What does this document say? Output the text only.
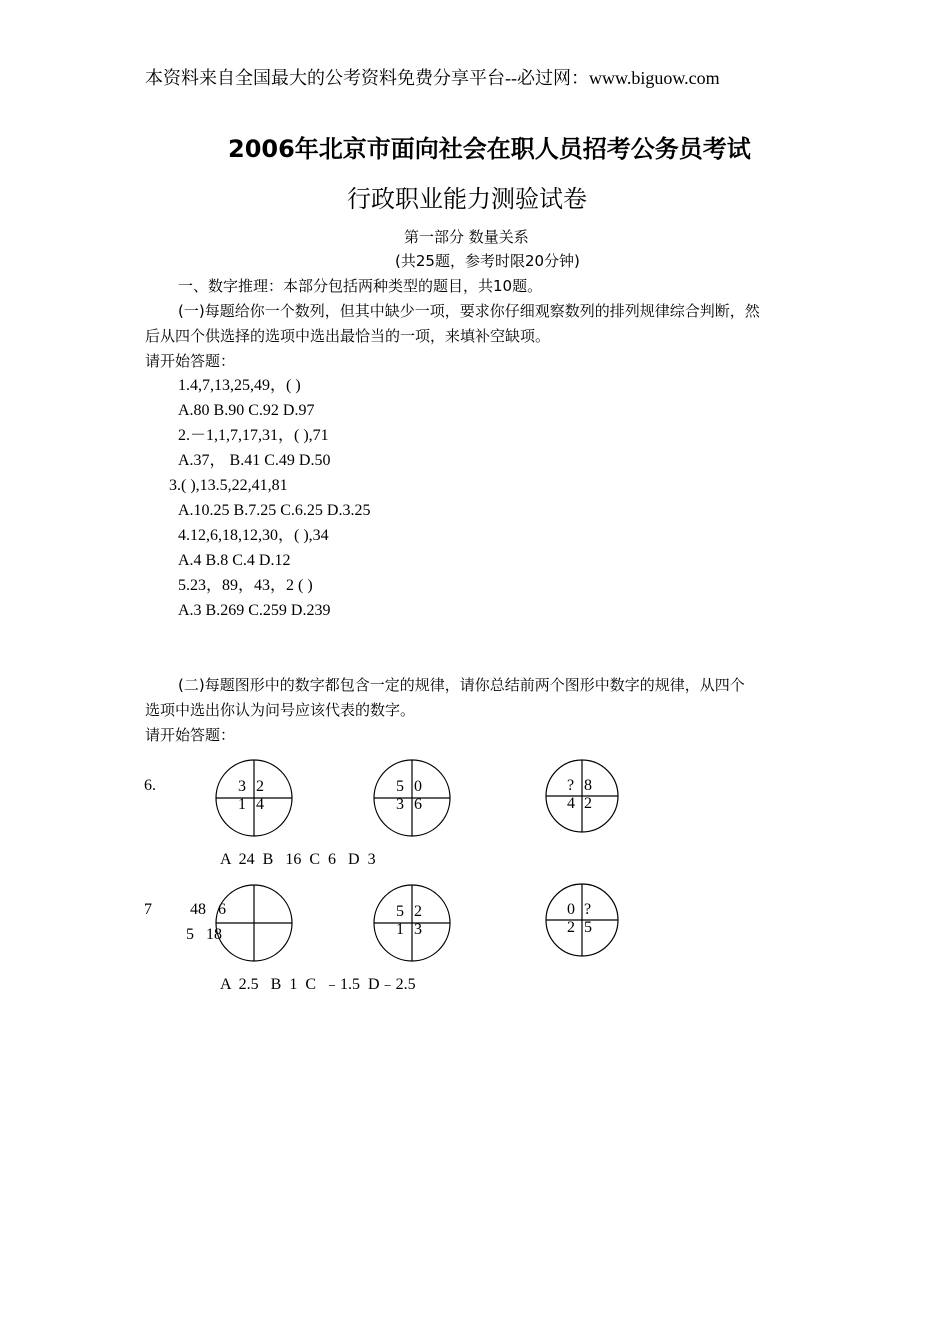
本资料来自全国最大的公考资料免费分享平台--必过网：www.biguow.com
2006年北京市面向社会在职人员招考公务员考试
行政职业能力测验试卷
第一部分 数量关系
(共25题，参考时限20分钟)
一、数字推理：本部分包括两种类型的题目，共10题。
(一)每题给你一个数列，但其中缺少一项，要求你仔细观察数列的排列规律综合判断，然
后从四个供选择的选项中选出最恰当的一项，来填补空缺项。
请开始答题：
1.4,7,13,25,49，( )
A.80 B.90 C.92 D.97
2.－1,1,7,17,31，( ),71
A.37， B.41 C.49 D.50
3.( ),13.5,22,41,81
A.10.25 B.7.25 C.6.25 D.3.25
4.12,6,18,12,30，( ),34
A.4 B.8 C.4 D.12
5.23，89，43，2 ( )
A.3 B.269 C.259 D.239
(二)每题图形中的数字都包含一定的规律，请你总结前两个图形中数字的规律，从四个
选项中选出你认为问号应该代表的数字。
请开始答题：
6.	3 2
1 4
5 0
3 6
? 8
4 2
A  24  B   16  C  6   D  3
7 48   6
5   18
5 2
1 3
0 ?
2 5
A  2.5   B  1  C  ﹣1.5  D﹣2.5
